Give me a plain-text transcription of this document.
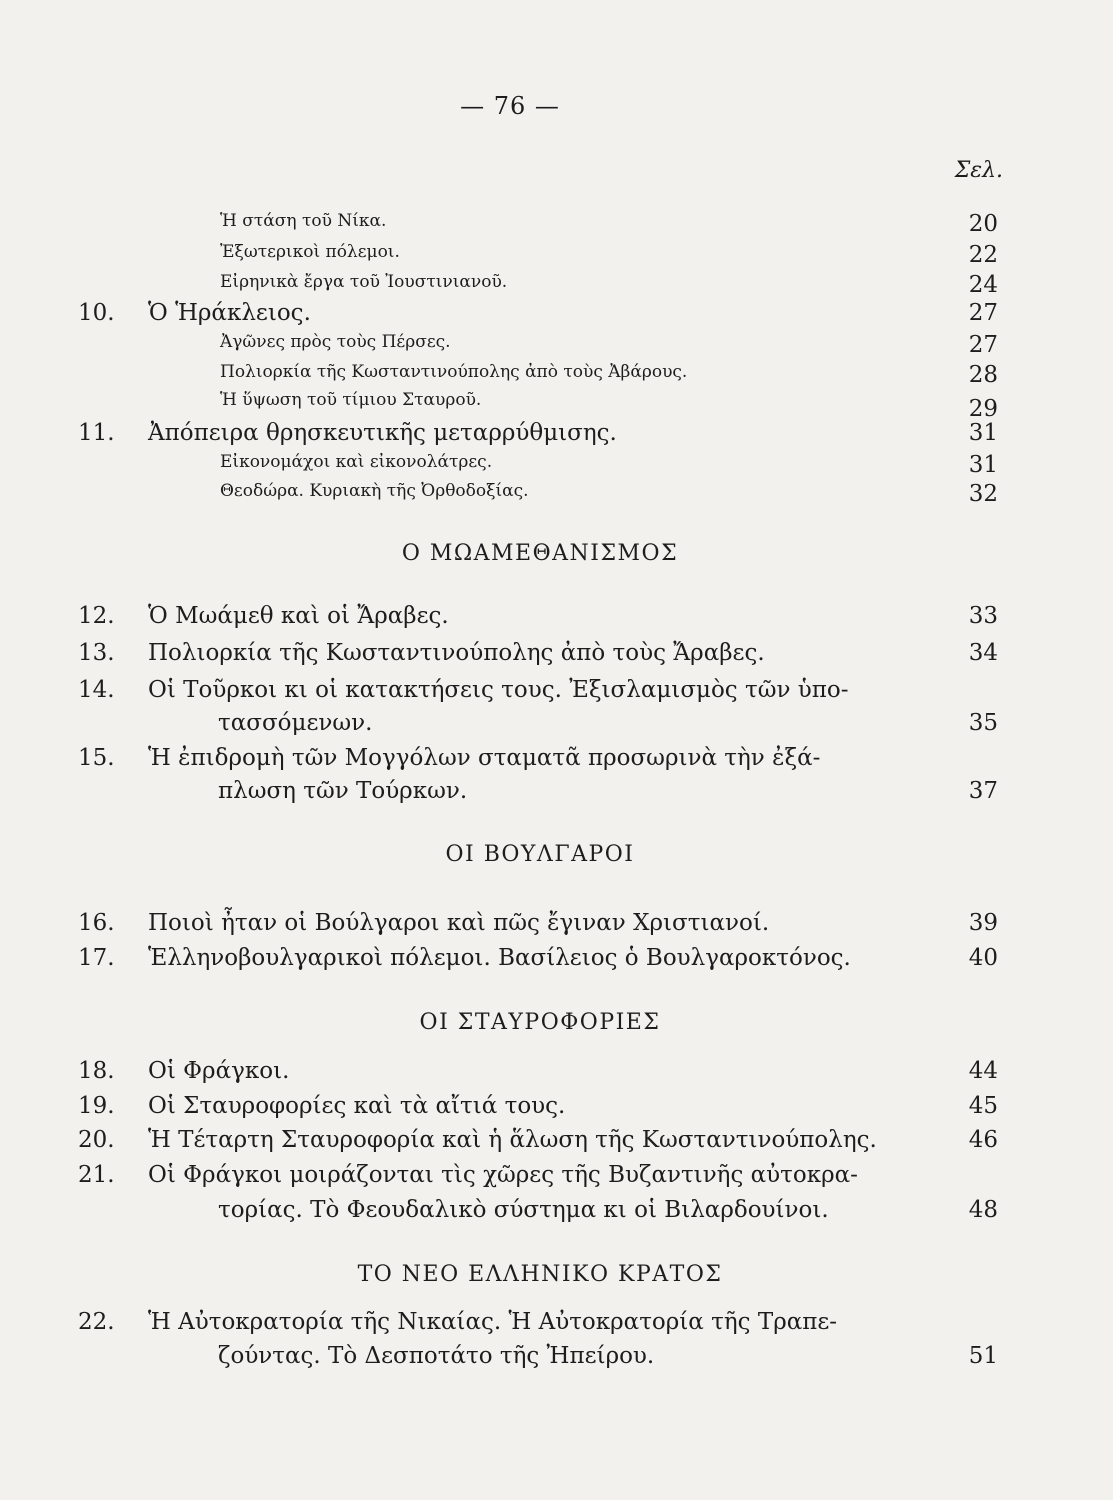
— 76 —
Σελ.
Ἡ στάση τοῦ Νίκα.	20
Ἐξωτερικοὶ πόλεμοι.	22
Εἰρηνικὰ ἔργα τοῦ Ἰουστινιανοῦ.	24
10.	Ὁ Ἡράκλειος.	27
Ἀγῶνες πρὸς τοὺς Πέρσες.	27
Πολιορκία τῆς Κωσταντινούπολης ἀπὸ τοὺς Ἀβάρους.	28
Ἡ ὕψωση τοῦ τίμιου Σταυροῦ.	29
11.	Ἀπόπειρα θρησκευτικῆς μεταρρύθμισης.	31
Εἰκονομάχοι καὶ εἰκονολάτρες.	31
Θεοδώρα. Κυριακὴ τῆς Ὀρθοδοξίας.	32
Ο ΜΩΑΜΕΘΑΝΙΣΜΟΣ
12.	Ὁ Μωάμεθ καὶ οἱ Ἄραβες.	33
13.	Πολιορκία τῆς Κωσταντινούπολης ἀπὸ τοὺς Ἄραβες.	34
14.	Οἱ Τοῦρκοι κι οἱ κατακτήσεις τους. Ἐξισλαμισμὸς τῶν ὑπο-
τασσόμενων.	35
15.	Ἡ ἐπιδρομὴ τῶν Μογγόλων σταματᾶ προσωρινὰ τὴν ἐξά-
πλωση τῶν Τούρκων.	37
ΟΙ ΒΟΥΛΓΑΡΟΙ
16.	Ποιοὶ ἦταν οἱ Βούλγαροι καὶ πῶς ἔγιναν Χριστιανοί.	39
17.	Ἑλληνοβουλγαρικοὶ πόλεμοι. Βασίλειος ὁ Βουλγαροκτόνος.	40
ΟΙ ΣΤΑΥΡΟΦΟΡΙΕΣ
18.	Οἱ Φράγκοι.	44
19.	Οἱ Σταυροφορίες καὶ τὰ αἴτιά τους.	45
20.	Ἡ Τέταρτη Σταυροφορία καὶ ἡ ἅλωση τῆς Κωσταντινούπολης.	46
21.	Οἱ Φράγκοι μοιράζονται τὶς χῶρες τῆς Βυζαντινῆς αὐτοκρα-
τορίας. Τὸ Φεουδαλικὸ σύστημα κι οἱ Βιλαρδουίνοι.	48
ΤΟ ΝΕΟ ΕΛΛΗΝΙΚΟ ΚΡΑΤΟΣ
22.	Ἡ Αὐτοκρατορία τῆς Νικαίας. Ἡ Αὐτοκρατορία τῆς Τραπε-
ζούντας. Τὸ Δεσποτάτο τῆς Ἠπείρου.	51
